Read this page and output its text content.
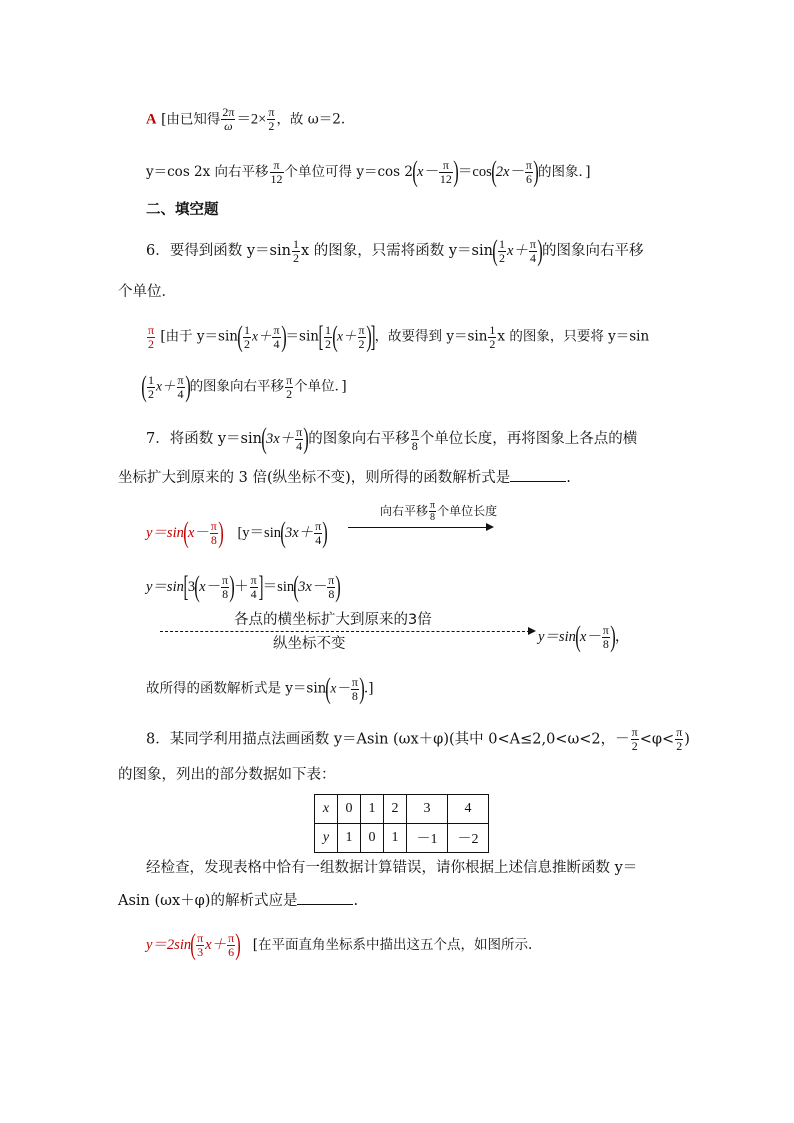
A [由已知得 $\frac{2\pi}{\omega} =2\times \frac{\pi}{2}$ ，故 ω＝2.
y＝cos 2x 向右平移 $\frac{\pi}{12}$ 个单位可得 y＝cos $2(x- \frac{\pi}{12} )=\cos(2x- \frac{\pi}{6}$ )的图象．]
二、填空题
6．要得到函数 $y=\sin \frac{1}{2}$ x 的图象，只需将函数 $y=\sin( \frac{1}{2} x+ \frac{\pi}{4}$ )的图象向右平移
个单位．
$\frac{\pi}{2}$ [由于 $y=\sin( \frac{1}{2} x+ \frac{\pi}{4} )=\sin[ \frac{1}{2} (x+ \frac{\pi}{2}$ )]，故要得到 $y=\sin \frac{1}{2}$ x 的图象，只要将 y＝sin
( $\frac{1}{2} x+ \frac{\pi}{4}$ )的图象向右平移 $\frac{\pi}{2}$ 个单位．]
7．将函数 $y=\sin(3x+ \frac{\pi}{4}$ )的图象向右平移 $\frac{\pi}{8}$ 个单位长度，再将图象上各点的横
坐标扩大到原来的 3 倍(纵坐标不变)，则所得的函数解析式是	.
$y=\sin(x- \frac{\pi}{8}$ ) [$y=\sin(3x+ \frac{\pi}{4}$ )
向右平移 $\frac{\pi}{8}$ 个单位长度
$y=\sin[3(x- \frac{\pi}{8}$ )＋ $\frac{\pi}{4} ]=\sin(3x- \frac{\pi}{8}$ )
各点的横坐标扩大到原来的3倍
纵坐标不变	$y=\sin(x- \frac{\pi}{8}$ )，
故所得的函数解析式是 $y=\sin(x- \frac{\pi}{8}$ ).]
8．某同学利用描点法画函数 y＝Asin (ωx＋φ)(其中 0<A≤2,0<ω<2，－ $\frac{\pi}{2} <\varphi< \frac{\pi}{2}$ )
的图象，列出的部分数据如下表：
x	0	1	2	3	4
y	1	0	1	－1	－2
经检查，发现表格中恰有一组数据计算错误，请你根据上述信息推断函数 y＝
Asin (ωx＋φ)的解析式应是	.
$y=2\sin( \frac{\pi}{3} x+ \frac{\pi}{6}$ ) [在平面直角坐标系中描出这五个点，如图所示.
